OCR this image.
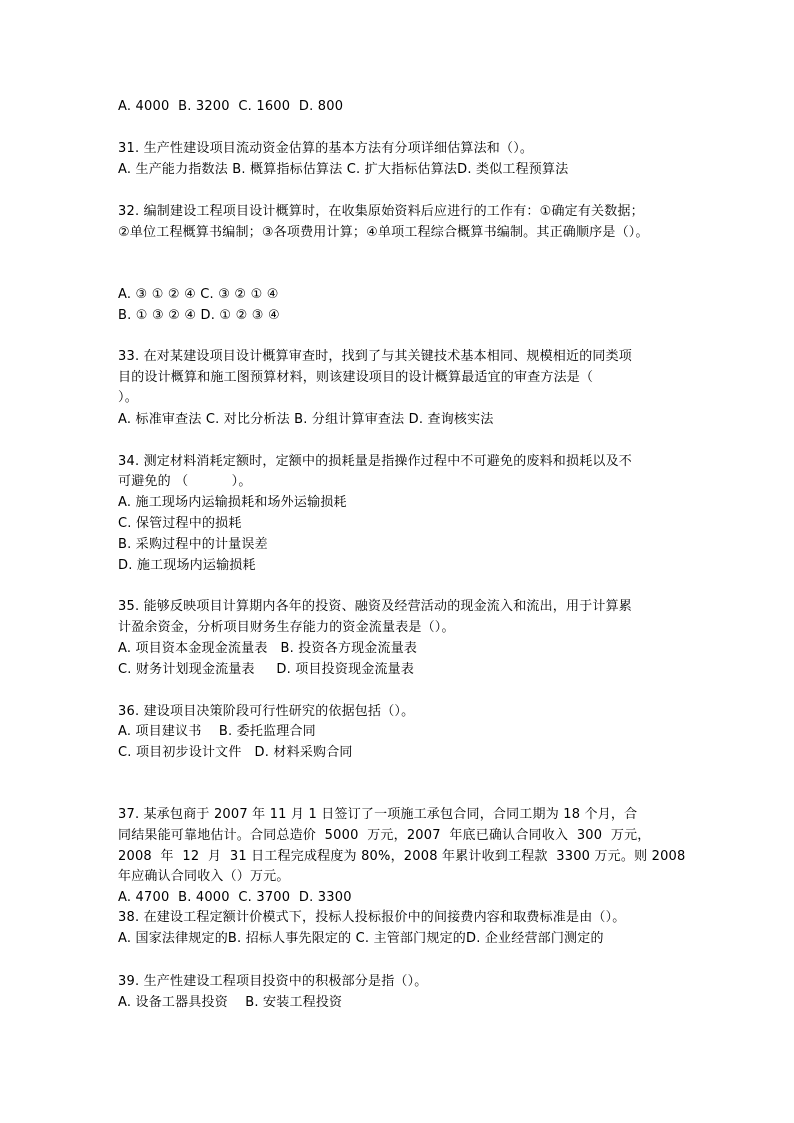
A. 4000  B. 3200  C. 1600  D. 800
31. 生产性建设项目流动资金估算的基本方法有分项详细估算法和（）。
A. 生产能力指数法 B. 概算指标估算法 C. 扩大指标估算法D. 类似工程预算法
32. 编制建设工程项目设计概算时，在收集原始资料后应进行的工作有：①确定有关数据；
②单位工程概算书编制；③各项费用计算；④单项工程综合概算书编制。其正确顺序是（）。
A. ③ ① ② ④ C. ③ ② ① ④
B. ① ③ ② ④ D. ① ② ③ ④
33. 在对某建设项目设计概算审查时，找到了与其关键技术基本相同、规模相近的同类项
目的设计概算和施工图预算材料，则该建设项目的设计概算最适宜的审查方法是（
）。
A. 标准审查法 C. 对比分析法 B. 分组计算审查法 D. 查询核实法
34. 测定材料消耗定额时，定额中的损耗量是指操作过程中不可避免的废料和损耗以及不
可避免的 （          ）。
A. 施工现场内运输损耗和场外运输损耗
C. 保管过程中的损耗
B. 采购过程中的计量误差
D. 施工现场内运输损耗
35. 能够反映项目计算期内各年的投资、融资及经营活动的现金流入和流出，用于计算累
计盈余资金，分析项目财务生存能力的资金流量表是（）。
A. 项目资本金现金流量表   B. 投资各方现金流量表
C. 财务计划现金流量表     D. 项目投资现金流量表
36. 建设项目决策阶段可行性研究的依据包括（）。
A. 项目建议书    B. 委托监理合同
C. 项目初步设计文件   D. 材料采购合同
37. 某承包商于 2007 年 11 月 1 日签订了一项施工承包合同，合同工期为 18 个月，合
同结果能可靠地估计。合同总造价  5000  万元，2007  年底已确认合同收入  300  万元，
2008  年  12  月  31 日工程完成程度为 80%，2008 年累计收到工程款  3300 万元。则 2008
年应确认合同收入（）万元。
A. 4700  B. 4000  C. 3700  D. 3300
38. 在建设工程定额计价模式下，投标人投标报价中的间接费内容和取费标准是由（）。
A. 国家法律规定的B. 招标人事先限定的 C. 主管部门规定的D. 企业经营部门测定的
39. 生产性建设工程项目投资中的积极部分是指（）。
A. 设备工器具投资    B. 安装工程投资
